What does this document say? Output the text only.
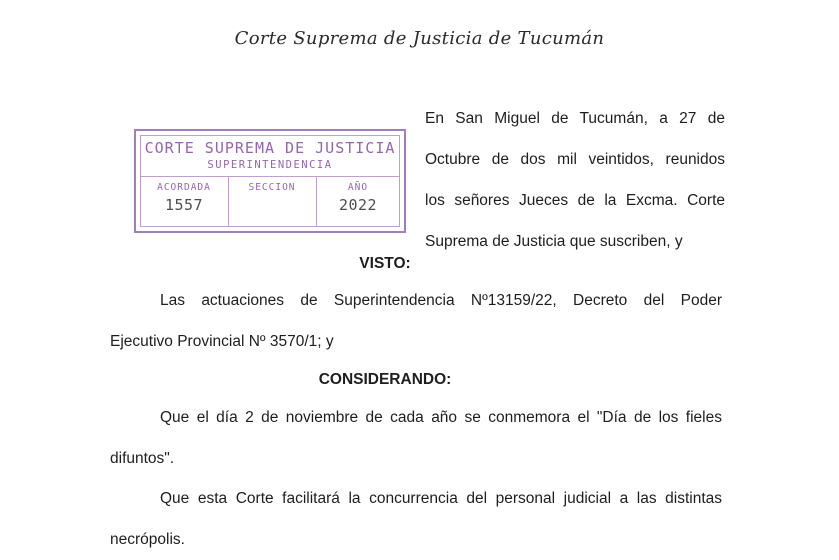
Corte Suprema de Justicia de Tucumán
En San Miguel de Tucumán, a 27 de
Octubre de dos mil veintidos, reunidos
los señores Jueces de la Excma. Corte
Suprema de Justicia que suscriben, y
CORTE SUPREMA DE JUSTICIA
SUPERINTENDENCIA
ACORDADA
1557
SECCION	AÑO
2022
VISTO:
Las actuaciones de Superintendencia Nº13159/22, Decreto del Poder
Ejecutivo Provincial Nº 3570/1; y
CONSIDERANDO:
Que el día 2 de noviembre de cada año se conmemora el "Día de los fieles
difuntos".
Que esta Corte facilitará la concurrencia del personal judicial a las distintas
necrópolis.
